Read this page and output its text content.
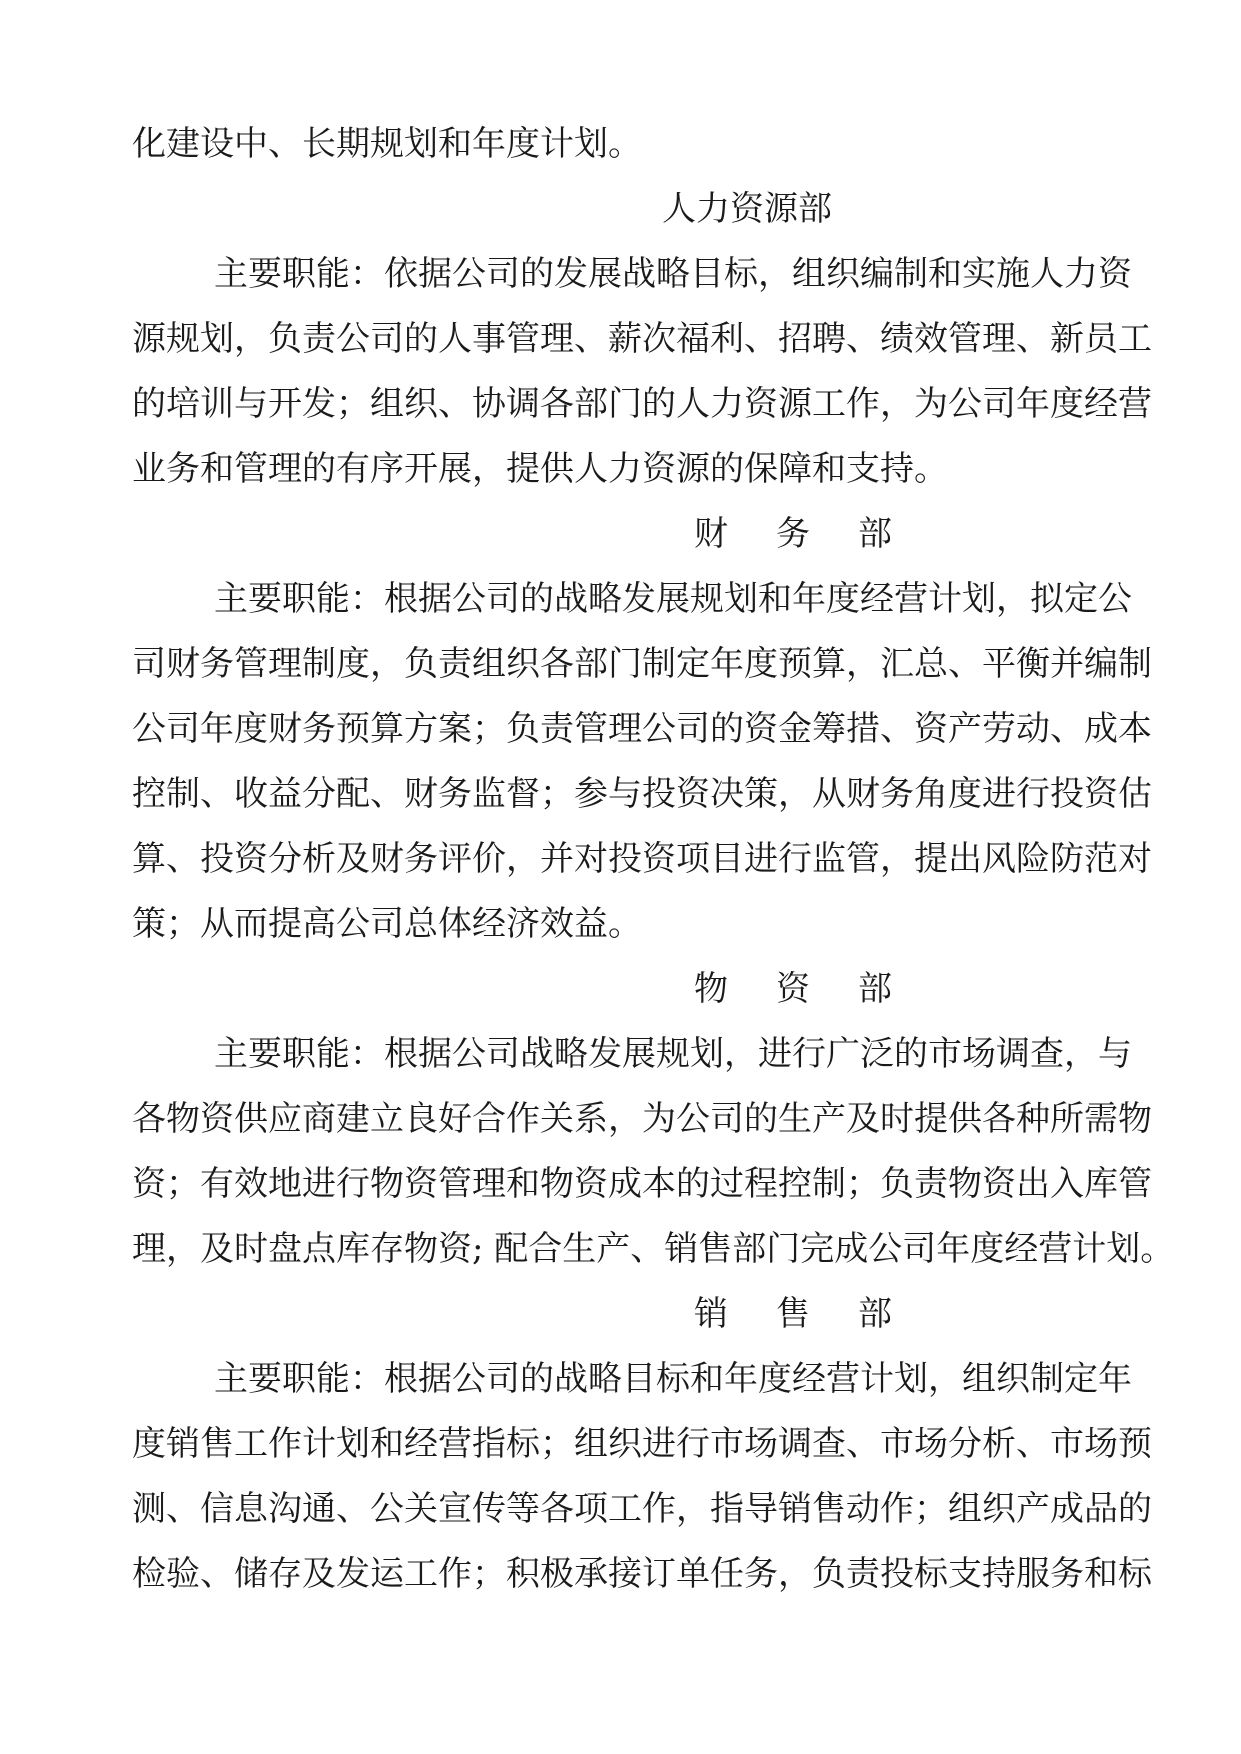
化建设中、长期规划和年度计划。
人力资源部
主要职能：依据公司的发展战略目标，组织编制和实施人力资
源规划，负责公司的人事管理、薪次福利、招聘、绩效管理、新员工
的培训与开发；组织、协调各部门的人力资源工作，为公司年度经营
业务和管理的有序开展，提供人力资源的保障和支持。
财 务 部
主要职能：根据公司的战略发展规划和年度经营计划，拟定公
司财务管理制度，负责组织各部门制定年度预算，汇总、平衡并编制
公司年度财务预算方案；负责管理公司的资金筹措、资产劳动、成本
控制、收益分配、财务监督；参与投资决策，从财务角度进行投资估
算、投资分析及财务评价，并对投资项目进行监管，提出风险防范对
策；从而提高公司总体经济效益。
物 资 部
主要职能：根据公司战略发展规划，进行广泛的市场调查，与
各物资供应商建立良好合作关系，为公司的生产及时提供各种所需物
资；有效地进行物资管理和物资成本的过程控制；负责物资出入库管
理，及时盘点库存物资; 配合生产、销售部门完成公司年度经营计划。
销 售 部
主要职能：根据公司的战略目标和年度经营计划，组织制定年
度销售工作计划和经营指标；组织进行市场调查、市场分析、市场预
测、信息沟通、公关宣传等各项工作，指导销售动作；组织产成品的
检验、储存及发运工作；积极承接订单任务，负责投标支持服务和标
